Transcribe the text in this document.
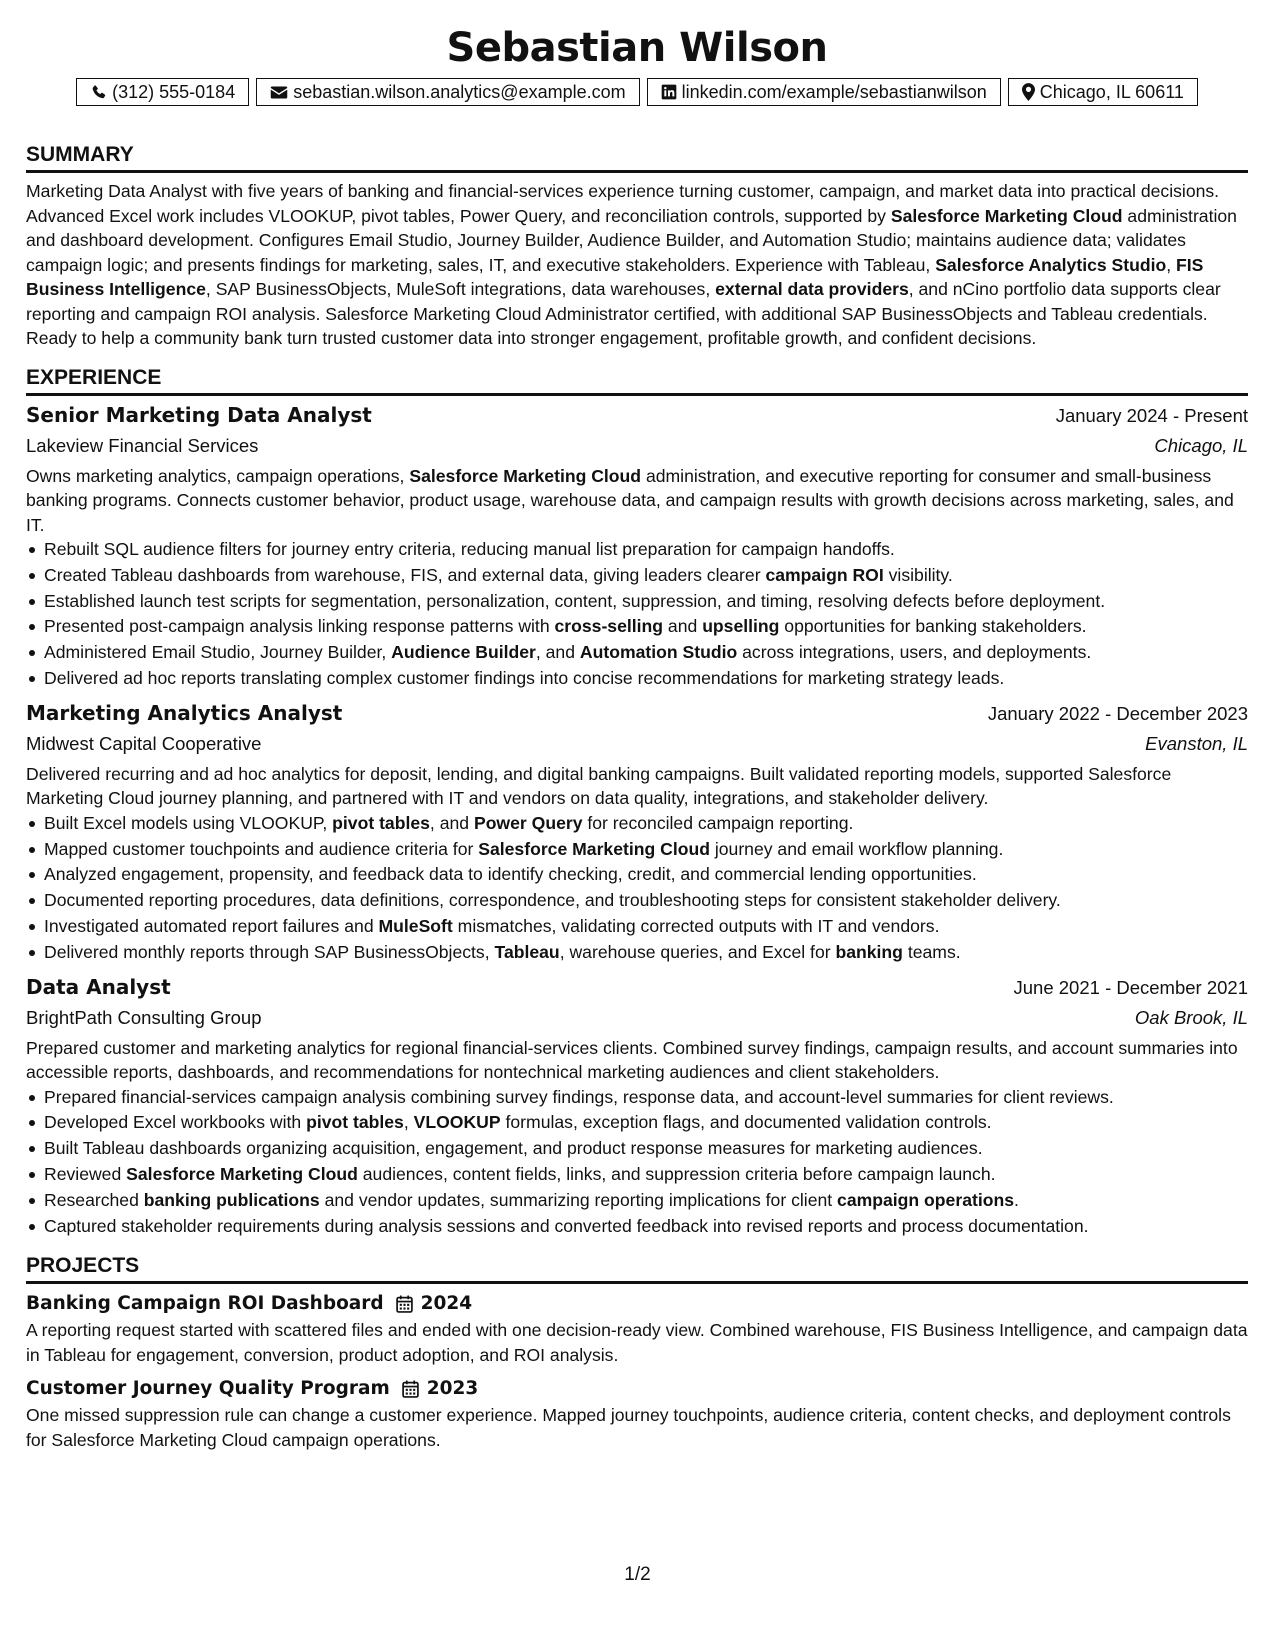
Sebastian Wilson
(312) 555-0184	sebastian.wilson.analytics@example.com	linkedin.com/example/sebastianwilson	Chicago, IL 60611
SUMMARY

Marketing Data Analyst with five years of banking and financial-services experience turning customer, campaign, and market data into practical decisions. Advanced Excel work includes VLOOKUP, pivot tables, Power Query, and reconciliation controls, supported by Salesforce Marketing Cloud administration and dashboard development. Configures Email Studio, Journey Builder, Audience Builder, and Automation Studio; maintains audience data; validates campaign logic; and presents findings for marketing, sales, IT, and executive stakeholders. Experience with Tableau, Salesforce Analytics Studio, FIS Business Intelligence, SAP BusinessObjects, MuleSoft integrations, data warehouses, external data providers, and nCino portfolio data supports clear reporting and campaign ROI analysis. Salesforce Marketing Cloud Administrator certified, with additional SAP BusinessObjects and Tableau credentials. Ready to help a community bank turn trusted customer data into stronger engagement, profitable growth, and confident decisions.

EXPERIENCE
Senior Marketing Data Analyst	January 2024 - Present
Lakeview Financial Services	Chicago, IL

Owns marketing analytics, campaign operations, Salesforce Marketing Cloud administration, and executive reporting for consumer and small-business banking programs. Connects customer behavior, product usage, warehouse data, and campaign results with growth decisions across marketing, sales, and IT.

Rebuilt SQL audience filters for journey entry criteria, reducing manual list preparation for campaign handoffs.
Created Tableau dashboards from warehouse, FIS, and external data, giving leaders clearer campaign ROI visibility.
Established launch test scripts for segmentation, personalization, content, suppression, and timing, resolving defects before deployment.
Presented post-campaign analysis linking response patterns with cross-selling and upselling opportunities for banking stakeholders.
Administered Email Studio, Journey Builder, Audience Builder, and Automation Studio across integrations, users, and deployments.
Delivered ad hoc reports translating complex customer findings into concise recommendations for marketing strategy leads.
Marketing Analytics Analyst	January 2022 - December 2023
Midwest Capital Cooperative	Evanston, IL

Delivered recurring and ad hoc analytics for deposit, lending, and digital banking campaigns. Built validated reporting models, supported Salesforce Marketing Cloud journey planning, and partnered with IT and vendors on data quality, integrations, and stakeholder delivery.

Built Excel models using VLOOKUP, pivot tables, and Power Query for reconciled campaign reporting.
Mapped customer touchpoints and audience criteria for Salesforce Marketing Cloud journey and email workflow planning.
Analyzed engagement, propensity, and feedback data to identify checking, credit, and commercial lending opportunities.
Documented reporting procedures, data definitions, correspondence, and troubleshooting steps for consistent stakeholder delivery.
Investigated automated report failures and MuleSoft mismatches, validating corrected outputs with IT and vendors.
Delivered monthly reports through SAP BusinessObjects, Tableau, warehouse queries, and Excel for banking teams.
Data Analyst	June 2021 - December 2021
BrightPath Consulting Group	Oak Brook, IL

Prepared customer and marketing analytics for regional financial-services clients. Combined survey findings, campaign results, and account summaries into accessible reports, dashboards, and recommendations for nontechnical marketing audiences and client stakeholders.

Prepared financial-services campaign analysis combining survey findings, response data, and account-level summaries for client reviews.
Developed Excel workbooks with pivot tables, VLOOKUP formulas, exception flags, and documented validation controls.
Built Tableau dashboards organizing acquisition, engagement, and product response measures for marketing audiences.
Reviewed Salesforce Marketing Cloud audiences, content fields, links, and suppression criteria before campaign launch.
Researched banking publications and vendor updates, summarizing reporting implications for client campaign operations.
Captured stakeholder requirements during analysis sessions and converted feedback into revised reports and process documentation.
PROJECTS
Banking Campaign ROI Dashboard 2024

A reporting request started with scattered files and ended with one decision-ready view. Combined warehouse, FIS Business Intelligence, and campaign data in Tableau for engagement, conversion, product adoption, and ROI analysis.

Customer Journey Quality Program 2023

One missed suppression rule can change a customer experience. Mapped journey touchpoints, audience criteria, content checks, and deployment controls for Salesforce Marketing Cloud campaign operations.

1/2
